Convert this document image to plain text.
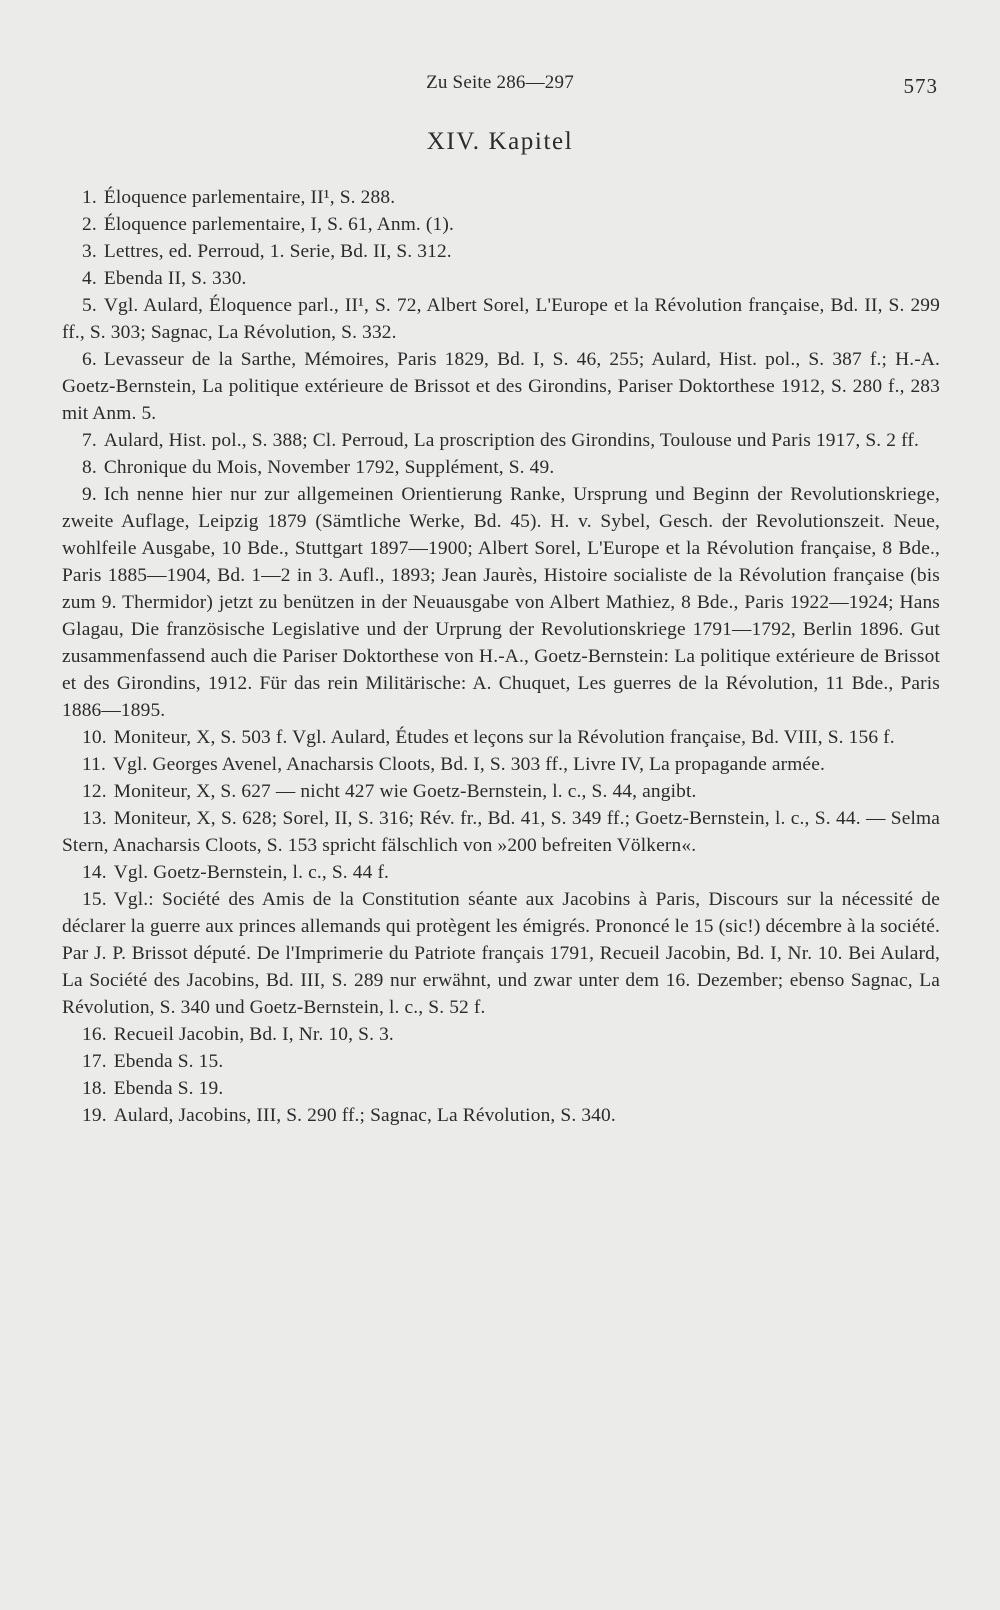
Zu Seite 286—297	573
XIV. Kapitel

1. Éloquence parlementaire, II¹, S. 288.

2. Éloquence parlementaire, I, S. 61, Anm. (1).

3. Lettres, ed. Perroud, 1. Serie, Bd. II, S. 312.

4. Ebenda II, S. 330.

5. Vgl. Aulard, Éloquence parl., II¹, S. 72, Albert Sorel, L'Europe et la Révolution française, Bd. II, S. 299 ff., S. 303; Sagnac, La Révolution, S. 332.

6. Levasseur de la Sarthe, Mémoires, Paris 1829, Bd. I, S. 46, 255; Aulard, Hist. pol., S. 387 f.; H.-A. Goetz-Bernstein, La politique extérieure de Brissot et des Girondins, Pariser Doktorthese 1912, S. 280 f., 283 mit Anm. 5.

7. Aulard, Hist. pol., S. 388; Cl. Perroud, La proscription des Girondins, Toulouse und Paris 1917, S. 2 ff.

8. Chronique du Mois, November 1792, Supplément, S. 49.

9. Ich nenne hier nur zur allgemeinen Orientierung Ranke, Ursprung und Beginn der Revolutionskriege, zweite Auflage, Leipzig 1879 (Sämtliche Werke, Bd. 45). H. v. Sybel, Gesch. der Revolutionszeit. Neue, wohlfeile Ausgabe, 10 Bde., Stuttgart 1897—1900; Albert Sorel, L'Europe et la Révolution française, 8 Bde., Paris 1885—1904, Bd. 1—2 in 3. Aufl., 1893; Jean Jaurès, Histoire socialiste de la Révolution française (bis zum 9. Thermidor) jetzt zu benützen in der Neuausgabe von Albert Mathiez, 8 Bde., Paris 1922—1924; Hans Glagau, Die französische Legislative und der Urprung der Revolutionskriege 1791—1792, Berlin 1896. Gut zusammenfassend auch die Pariser Doktorthese von H.-A., Goetz-Bernstein: La politique extérieure de Brissot et des Girondins, 1912. Für das rein Militärische: A. Chuquet, Les guerres de la Révolution, 11 Bde., Paris 1886—1895.

10. Moniteur, X, S. 503 f. Vgl. Aulard, Études et leçons sur la Révolution française, Bd. VIII, S. 156 f.

11. Vgl. Georges Avenel, Anacharsis Cloots, Bd. I, S. 303 ff., Livre IV, La propagande armée.

12. Moniteur, X, S. 627 — nicht 427 wie Goetz-Bernstein, l. c., S. 44, angibt.

13. Moniteur, X, S. 628; Sorel, II, S. 316; Rév. fr., Bd. 41, S. 349 ff.; Goetz-Bernstein, l. c., S. 44. — Selma Stern, Anacharsis Cloots, S. 153 spricht fälschlich von »200 befreiten Völkern«.

14. Vgl. Goetz-Bernstein, l. c., S. 44 f.

15. Vgl.: Société des Amis de la Constitution séante aux Jacobins à Paris, Discours sur la nécessité de déclarer la guerre aux princes allemands qui protègent les émigrés. Prononcé le 15 (sic!) décembre à la société. Par J. P. Brissot député. De l'Imprimerie du Patriote français 1791, Recueil Jacobin, Bd. I, Nr. 10. Bei Aulard, La Société des Jacobins, Bd. III, S. 289 nur erwähnt, und zwar unter dem 16. Dezember; ebenso Sagnac, La Révolution, S. 340 und Goetz-Bernstein, l. c., S. 52 f.

16. Recueil Jacobin, Bd. I, Nr. 10, S. 3.

17. Ebenda S. 15.

18. Ebenda S. 19.

19. Aulard, Jacobins, III, S. 290 ff.; Sagnac, La Révolution, S. 340.
